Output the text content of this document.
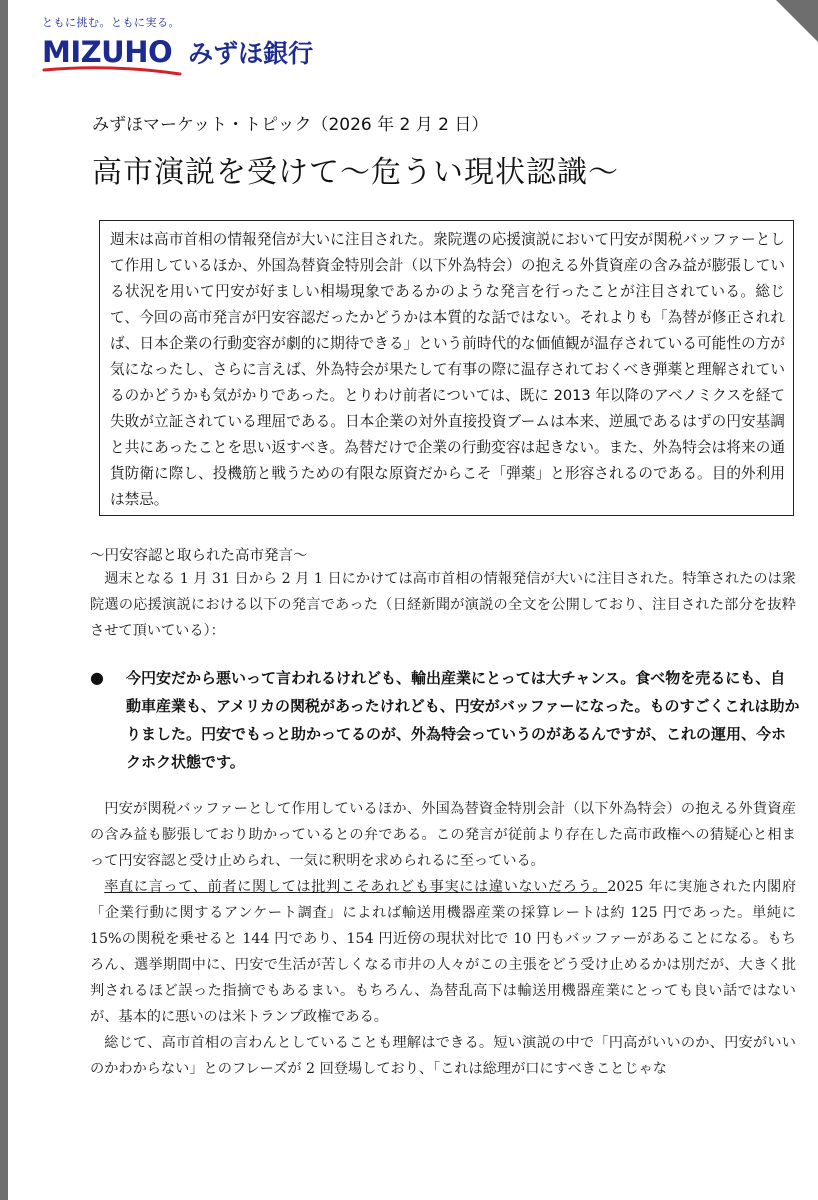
ともに挑む。ともに実る。
MIZUHO みずほ銀行
みずほマーケット・トピック（2026 年 2 月 2 日）
高市演説を受けて～危うい現状認識～
週末は高市首相の情報発信が大いに注目された。衆院選の応援演説において円安が関税バッファーとして作用しているほか、外国為替資金特別会計（以下外為特会）の抱える外貨資産の含み益が膨張している状況を用いて円安が好ましい相場現象であるかのような発言を行ったことが注目されている。総じて、今回の高市発言が円安容認だったかどうかは本質的な話ではない。それよりも「為替が修正されれば、日本企業の行動変容が劇的に期待できる」という前時代的な価値観が温存されている可能性の方が気になったし、さらに言えば、外為特会が果たして有事の際に温存されておくべき弾薬と理解されているのかどうかも気がかりであった。とりわけ前者については、既に 2013 年以降のアベノミクスを経て失敗が立証されている理屈である。日本企業の対外直接投資ブームは本来、逆風であるはずの円安基調と共にあったことを思い返すべき。為替だけで企業の行動変容は起きない。また、外為特会は将来の通貨防衛に際し、投機筋と戦うための有限な原資だからこそ「弾薬」と形容されるのである。目的外利用は禁忌。
～円安容認と取られた高市発言～
週末となる 1 月 31 日から 2 月 1 日にかけては高市首相の情報発信が大いに注目された。特筆されたのは衆院選の応援演説における以下の発言であった（日経新聞が演説の全文を公開しており、注目された部分を抜粋させて頂いている）：
●	今円安だから悪いって言われるけれども、輸出産業にとっては大チャンス。食べ物を売るにも、自動車産業も、アメリカの関税があったけれども、円安がバッファーになった。ものすごくこれは助かりました。円安でもっと助かってるのが、外為特会っていうのがあるんですが、これの運用、今ホクホク状態です。
円安が関税バッファーとして作用しているほか、外国為替資金特別会計（以下外為特会）の抱える外貨資産の含み益も膨張しており助かっているとの弁である。この発言が従前より存在した高市政権への猜疑心と相まって円安容認と受け止められ、一気に釈明を求められるに至っている。
率直に言って、前者に関しては批判こそあれども事実には違いないだろう。2025 年に実施された内閣府「企業行動に関するアンケート調査」によれば輸送用機器産業の採算レートは約 125 円であった。単純に 15%の関税を乗せると 144 円であり、154 円近傍の現状対比で 10 円もバッファーがあることになる。もちろん、選挙期間中に、円安で生活が苦しくなる市井の人々がこの主張をどう受け止めるかは別だが、大きく批判されるほど誤った指摘でもあるまい。もちろん、為替乱高下は輸送用機器産業にとっても良い話ではないが、基本的に悪いのは米トランプ政権である。
総じて、高市首相の言わんとしていることも理解はできる。短い演説の中で「円高がいいのか、円安がいいのかわからない」とのフレーズが 2 回登場しており、「これは総理が口にすべきことじゃな
